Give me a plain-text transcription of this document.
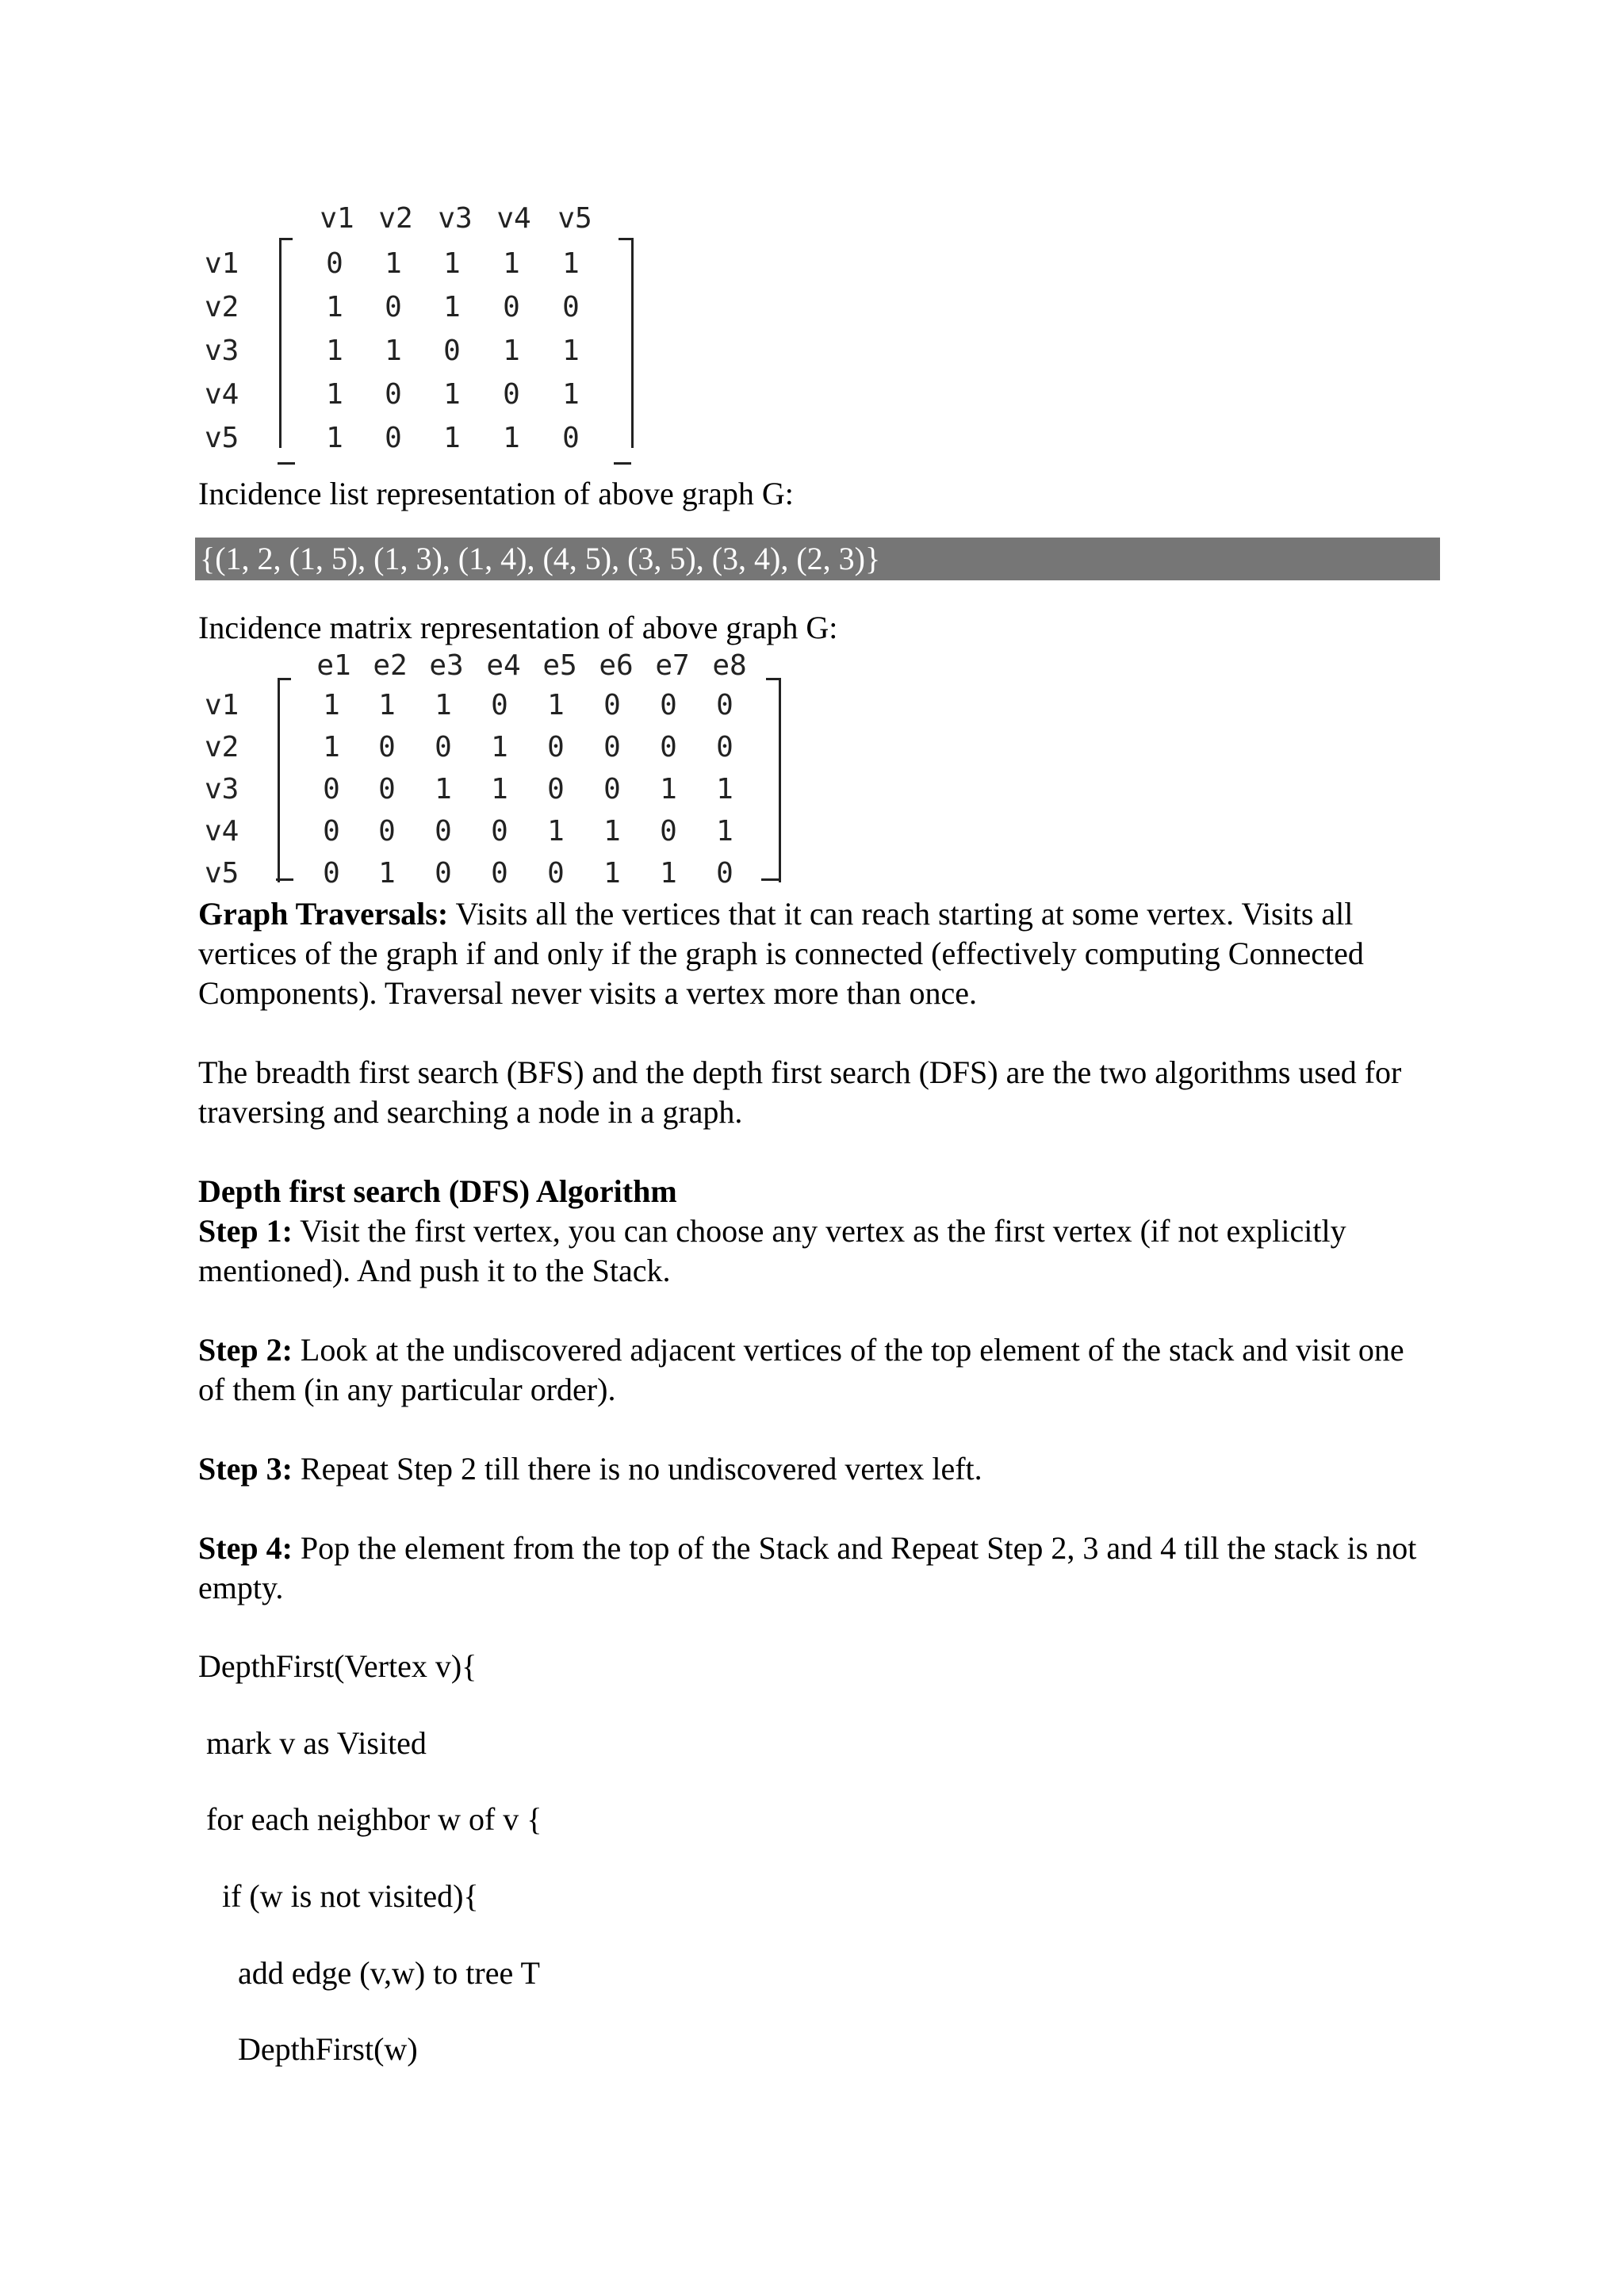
v1 v2 v3 v4 v5
v1
v2
v3
v4
v5
0 1 1 1 1
1 0 1 0 0
1 1 0 1 1
1 0 1 0 1
1 0 1 1 0
Incidence list representation of above graph G:
{(1, 2, (1, 5), (1, 3), (1, 4), (4, 5), (3, 5), (3, 4), (2, 3)}
Incidence matrix representation of above graph G:
e1 e2 e3 e4 e5 e6 e7 e8
v1
v2
v3
v4
v5
1 1 1 0 1 0 0 0
1 0 0 1 0 0 0 0
0 0 1 1 0 0 1 1
0 0 0 0 1 1 0 1
0 1 0 0 0 1 1 0
Graph Traversals: Visits all the vertices that it can reach starting at some vertex. Visits all vertices of the graph if and only if the graph is connected (effectively computing Connected Components). Traversal never visits a vertex more than once.
The breadth first search (BFS) and the depth first search (DFS) are the two algorithms used for traversing and searching a node in a graph.
Depth first search (DFS) Algorithm
Step 1: Visit the first vertex, you can choose any vertex as the first vertex (if not explicitly mentioned). And push it to the Stack.
Step 2: Look at the undiscovered adjacent vertices of the top element of the stack and visit one of them (in any particular order).
Step 3: Repeat Step 2 till there is no undiscovered vertex left.
Step 4: Pop the element from the top of the Stack and Repeat Step 2, 3 and 4 till the stack is not empty.
DepthFirst(Vertex v){
mark v as Visited
for each neighbor w of v {
if (w is not visited){
add edge (v,w) to tree T
DepthFirst(w)
